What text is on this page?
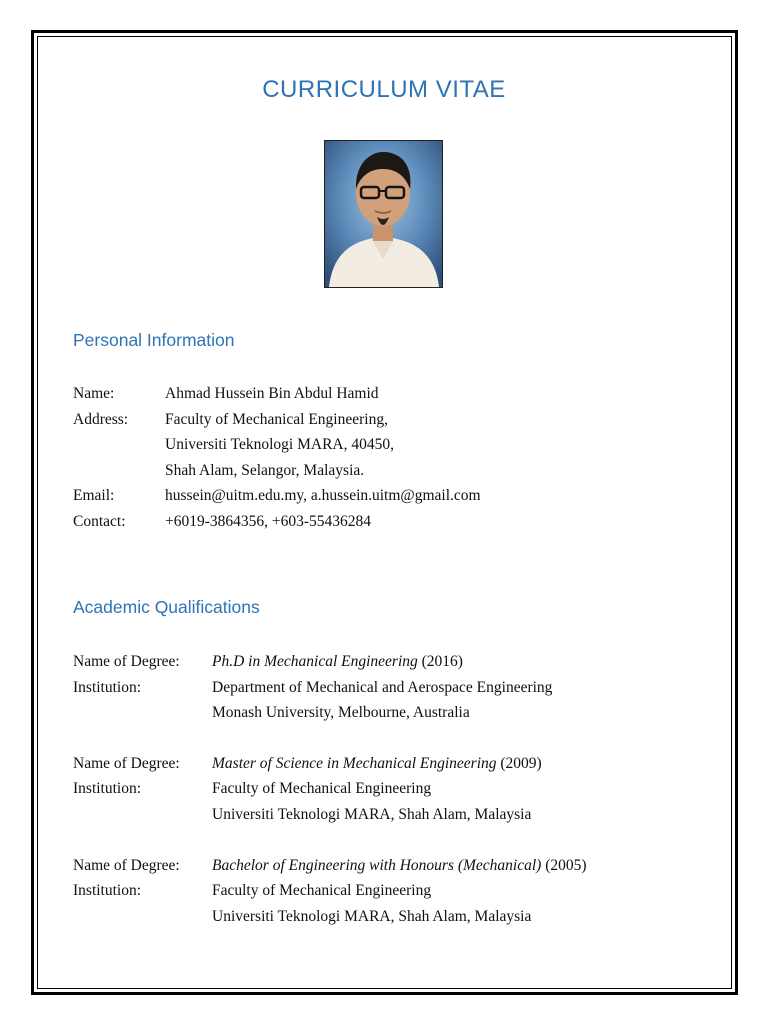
CURRICULUM VITAE
Personal Information
Name:	Ahmad Hussein Bin Abdul Hamid
Address: Faculty of Mechanical Engineering,
Universiti Teknologi MARA, 40450,
Shah Alam, Selangor, Malaysia.
Email:	hussein@uitm.edu.my, a.hussein.uitm@gmail.com
Contact:	+6019-3864356, +603-55436284
Academic Qualifications
Name of Degree: Ph.D in Mechanical Engineering (2016)
Institution:	Department of Mechanical and Aerospace Engineering
Monash University, Melbourne, Australia
Name of Degree: Master of Science in Mechanical Engineering (2009)
Institution:	Faculty of Mechanical Engineering
Universiti Teknologi MARA, Shah Alam, Malaysia
Name of Degree: Bachelor of Engineering with Honours (Mechanical) (2005)
Institution:	Faculty of Mechanical Engineering
Universiti Teknologi MARA, Shah Alam, Malaysia
